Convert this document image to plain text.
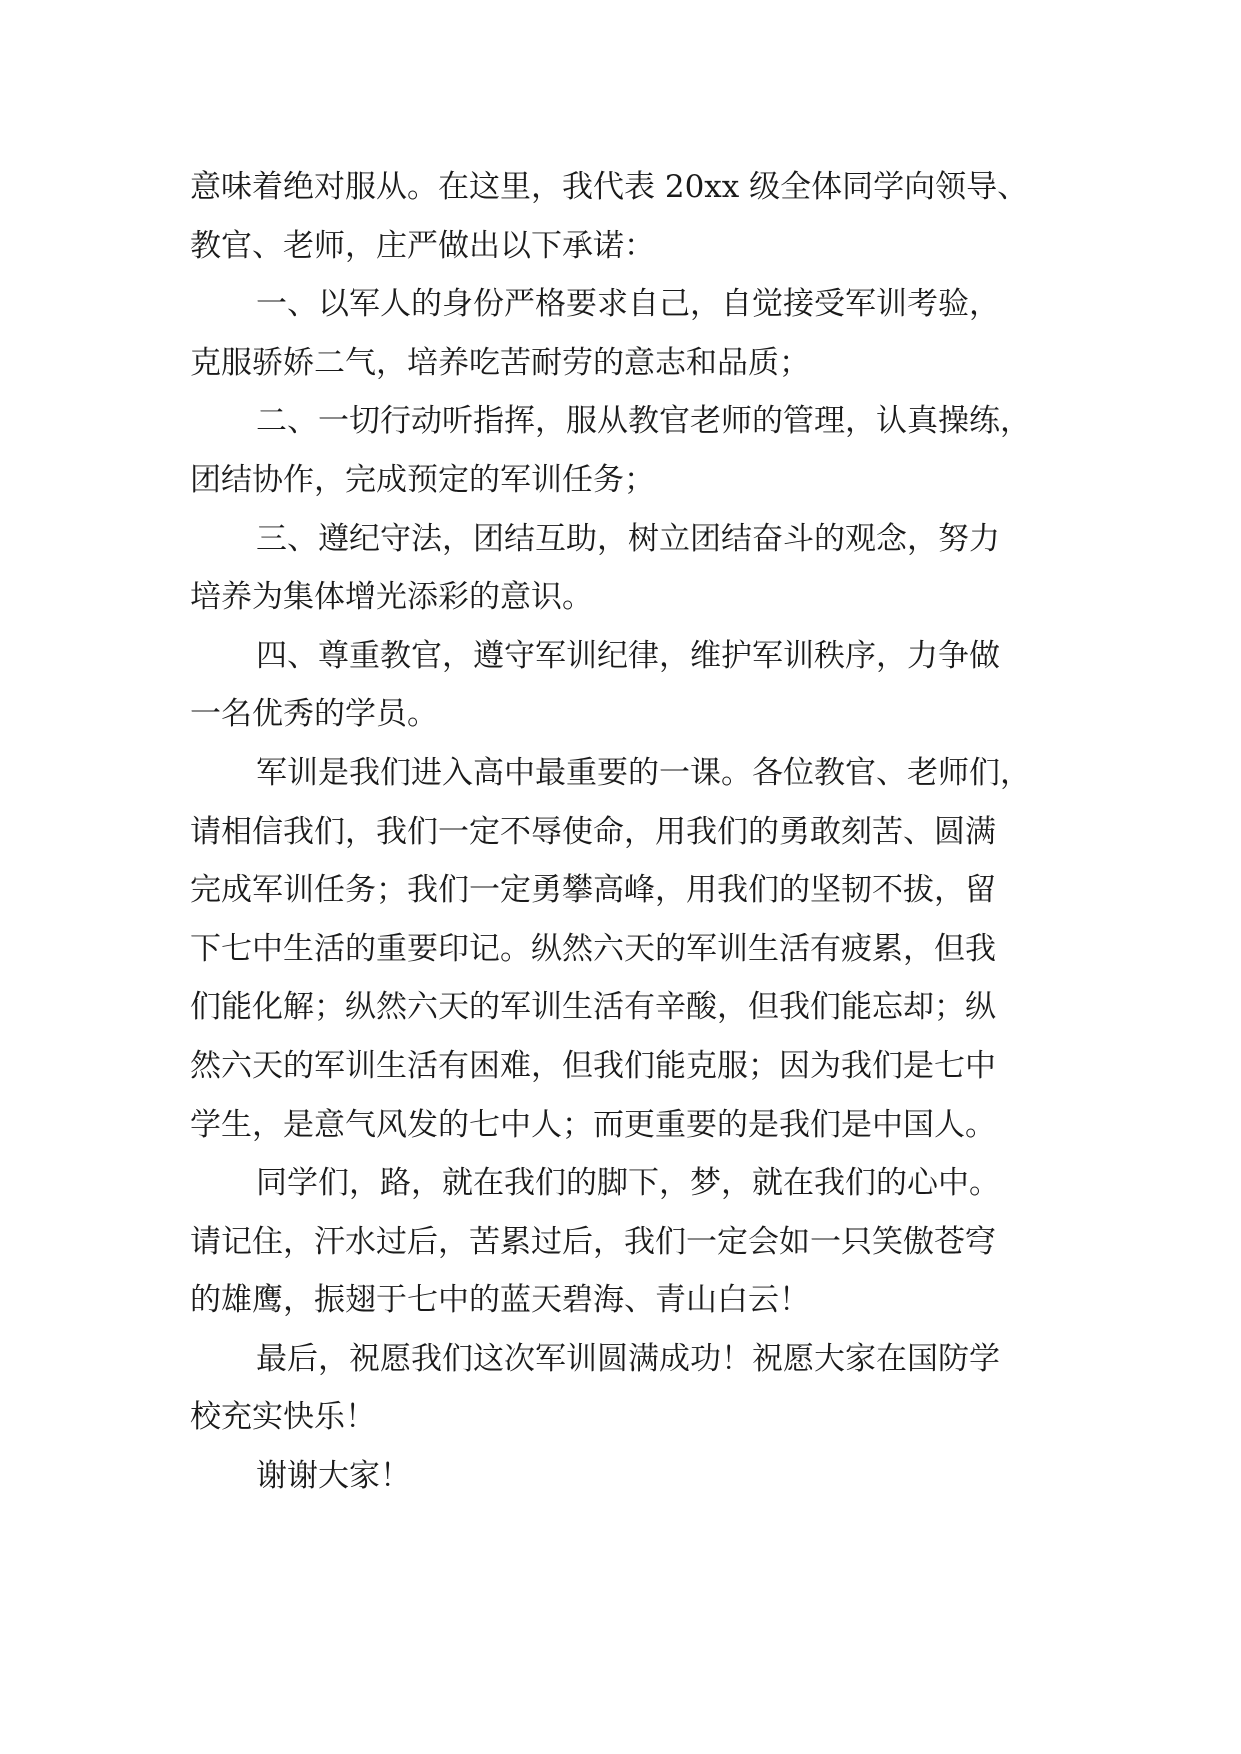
意味着绝对服从。在这里，我代表 20xx 级全体同学向领导、
教官、老师，庄严做出以下承诺：
一、以军人的身份严格要求自己，自觉接受军训考验，
克服骄娇二气，培养吃苦耐劳的意志和品质；
二、一切行动听指挥，服从教官老师的管理，认真操练，
团结协作，完成预定的军训任务；
三、遵纪守法，团结互助，树立团结奋斗的观念，努力
培养为集体增光添彩的意识。
四、尊重教官，遵守军训纪律，维护军训秩序，力争做
一名优秀的学员。
军训是我们进入高中最重要的一课。各位教官、老师们，
请相信我们，我们一定不辱使命，用我们的勇敢刻苦、圆满
完成军训任务；我们一定勇攀高峰，用我们的坚韧不拔，留
下七中生活的重要印记。纵然六天的军训生活有疲累，但我
们能化解；纵然六天的军训生活有辛酸，但我们能忘却；纵
然六天的军训生活有困难，但我们能克服；因为我们是七中
学生，是意气风发的七中人；而更重要的是我们是中国人。
同学们，路，就在我们的脚下，梦，就在我们的心中。
请记住，汗水过后，苦累过后，我们一定会如一只笑傲苍穹
的雄鹰，振翅于七中的蓝天碧海、青山白云！
最后，祝愿我们这次军训圆满成功！祝愿大家在国防学
校充实快乐！
谢谢大家！
